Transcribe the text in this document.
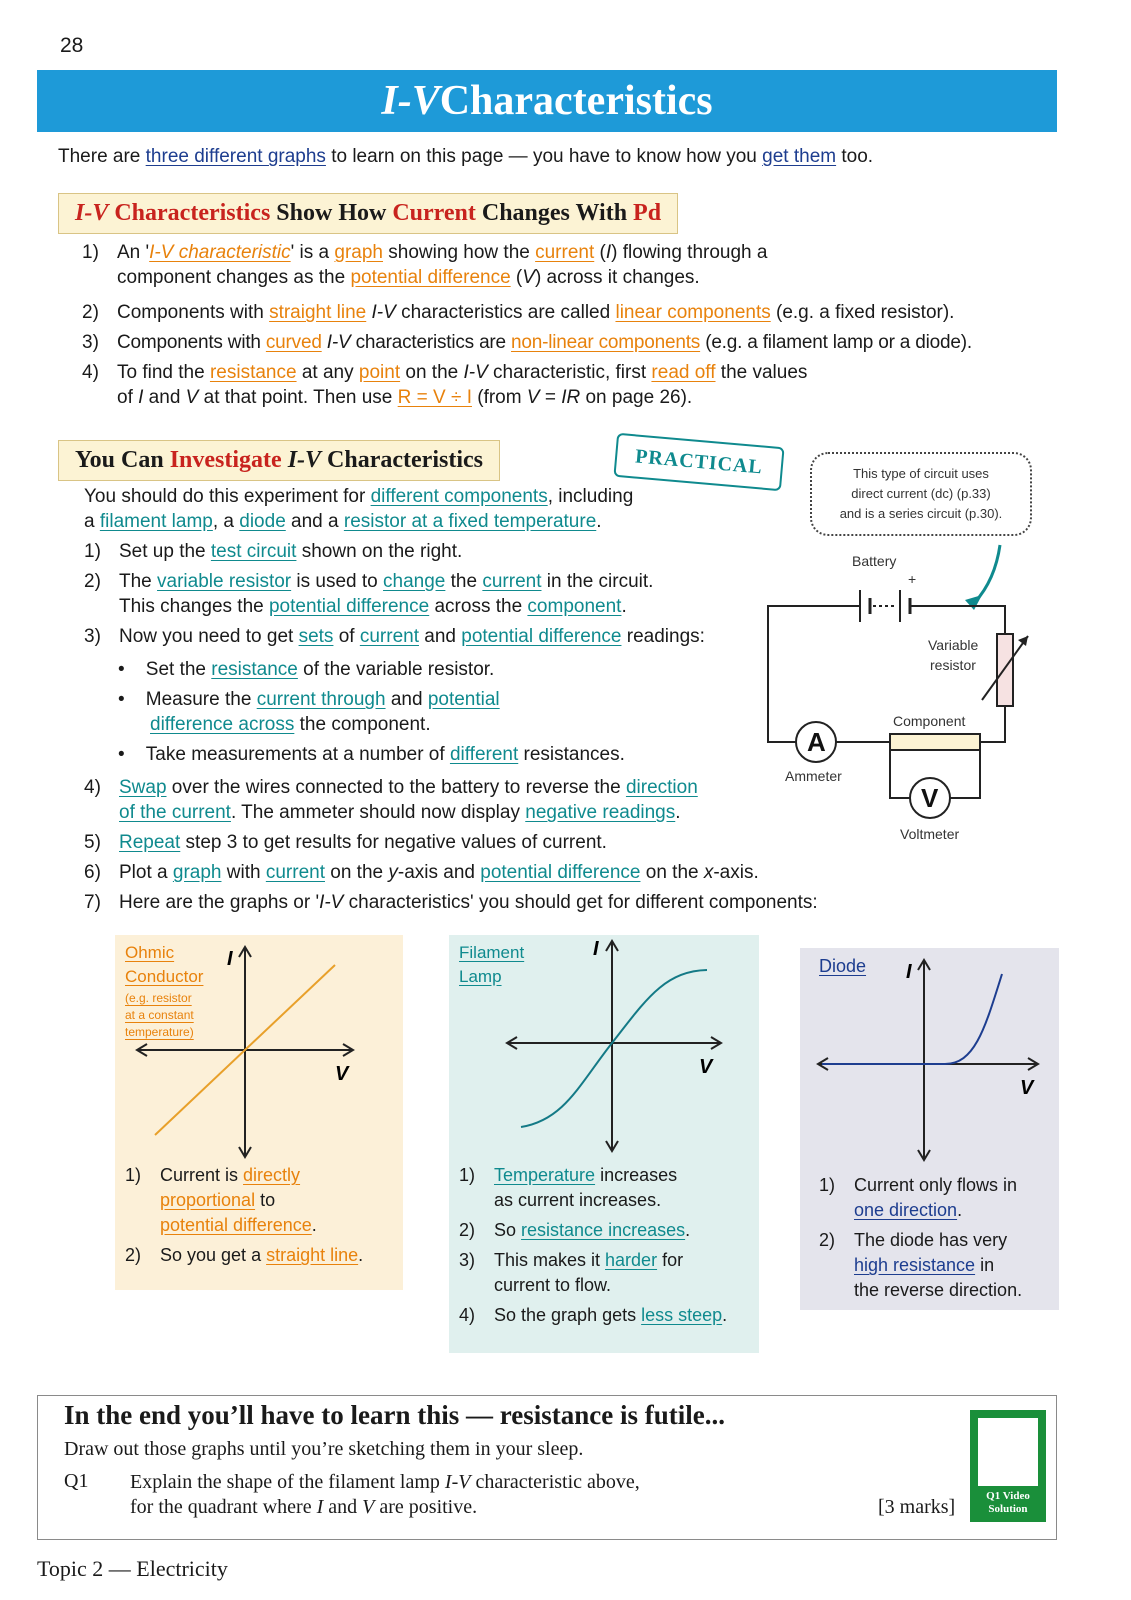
28
I-V Characteristics
There are three different graphs to learn on this page — you have to know how you get them too.
I-V Characteristics Show How Current Changes With Pd
1) An 'I-V characteristic' is a graph showing how the current (I) flowing through a
component changes as the potential difference (V) across it changes.
2) Components with straight line I-V characteristics are called linear components (e.g. a fixed resistor).
3) Components with curved I-V characteristics are non-linear components (e.g. a filament lamp or a diode).
4) To find the resistance at any point on the I-V characteristic, first read off the values
of I and V at that point. Then use R = V ÷ I (from V = IR on page 26).
You Can Investigate I-V Characteristics	PRACTICAL	This type of circuit uses
direct current (dc) (p.33)
and is a series circuit (p.30).
You should do this experiment for different components, including
a filament lamp, a diode and a resistor at a fixed temperature.
1) Set up the test circuit shown on the right.
2) The variable resistor is used to change the current in the circuit.
This changes the potential difference across the component.
3) Now you need to get sets of current and potential difference readings:
•    Set the resistance of the variable resistor.
•    Measure the current through and potential
difference across the component.
•    Take measurements at a number of different resistances.
4) Swap over the wires connected to the battery to reverse the direction
of the current. The ammeter should now display negative readings.
5) Repeat step 3 to get results for negative values of current.
6) Plot a graph with current on the y-axis and potential difference on the x-axis.
7) Here are the graphs or 'I-V characteristics' you should get for different components:
Battery
+
Variable
resistor
Component
A
Ammeter
V
Voltmeter
Ohmic
Conductor
(e.g. resistor
at a constant
temperature)
I
V
1) Current is directly
proportional to
potential difference.
2) So you get a straight line.
Filament
Lamp
I
V
1) Temperature increases
as current increases.
2) So resistance increases.
3) This makes it harder for
current to flow.
4) So the graph gets less steep.
Diode I
V
1) Current only flows in
one direction.
2) The diode has very
high resistance in
the reverse direction.
In the end you’ll have to learn this — resistance is futile...
Draw out those graphs until you’re sketching them in your sleep.
Q1 Explain the shape of the filament lamp I-V characteristic above,
for the quadrant where I and V are positive.	[3 marks]	Q1 Video
Solution
Topic 2 — Electricity
